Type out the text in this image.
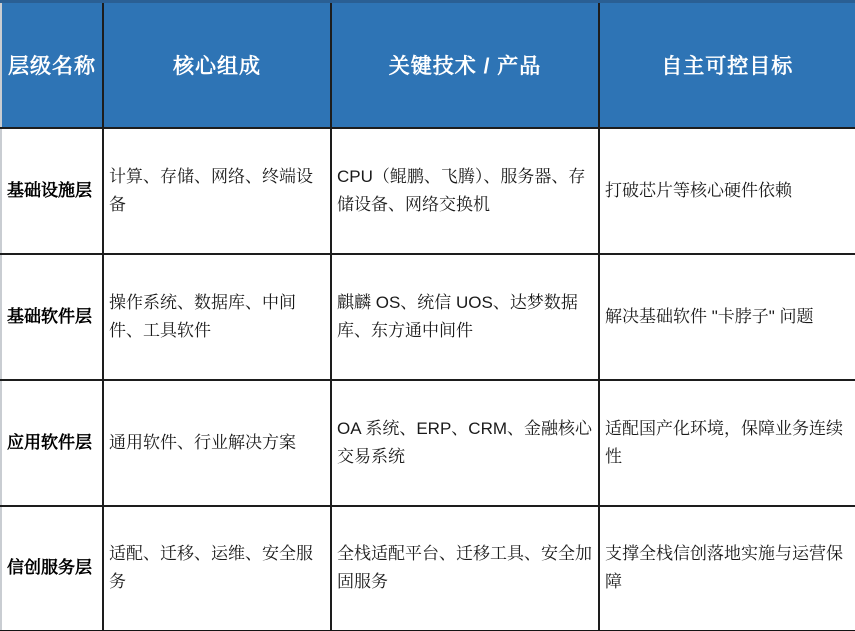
层级名称	核心组成	关键技术 / 产品	自主可控目标
基础设施层	计算、存储、网络、终端设备	CPU（鲲鹏、飞腾）、服务器、存储设备、网络交换机	打破芯片等核心硬件依赖
基础软件层	操作系统、数据库、中间件、工具软件	麒麟 OS、统信 UOS、达梦数据库、东方通中间件	解决基础软件 "卡脖子" 问题
应用软件层	通用软件、行业解决方案	OA 系统、ERP、CRM、金融核心交易系统	适配国产化环境，保障业务连续性
信创服务层	适配、迁移、运维、安全服务	全栈适配平台、迁移工具、安全加固服务	支撑全栈信创落地实施与运营保障
